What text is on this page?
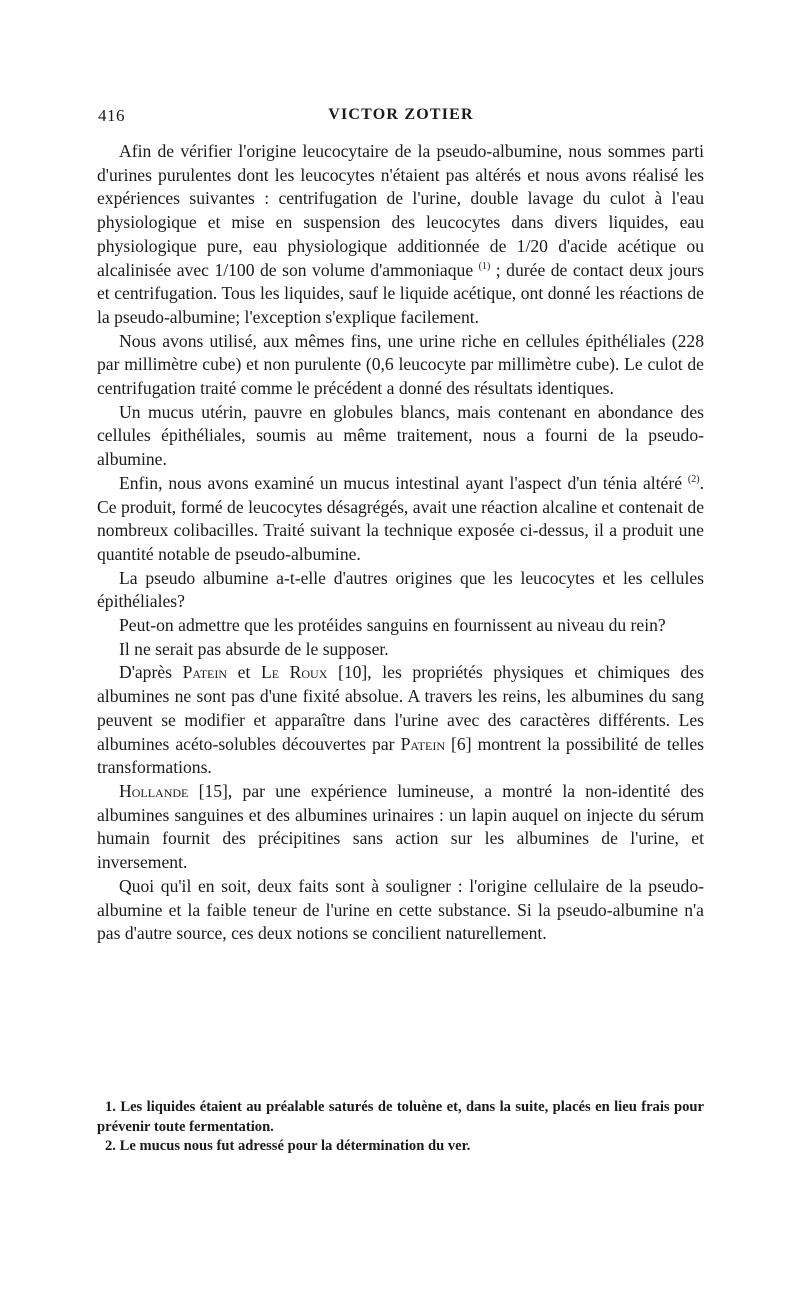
416	VICTOR ZOTIER

Afin de vérifier l'origine leucocytaire de la pseudo-albumine, nous sommes parti d'urines purulentes dont les leucocytes n'étaient pas altérés et nous avons réalisé les expériences suivantes : centrifugation de l'urine, double lavage du culot à l'eau physiologique et mise en suspension des leucocytes dans divers liquides, eau physiologique pure, eau physiologique additionnée de 1/20 d'acide acétique ou alcalinisée avec 1/100 de son volume d'ammoniaque $^{(1)}$ ; durée de contact deux jours et centrifugation. Tous les liquides, sauf le liquide acétique, ont donné les réactions de la pseudo-albumine; l'exception s'explique facilement.

Nous avons utilisé, aux mêmes fins, une urine riche en cellules épithéliales (228 par millimètre cube) et non purulente (0,6 leucocyte par millimètre cube). Le culot de centrifugation traité comme le précédent a donné des résultats identiques.

Un mucus utérin, pauvre en globules blancs, mais contenant en abondance des cellules épithéliales, soumis au même traitement, nous a fourni de la pseudo-albumine.

Enfin, nous avons examiné un mucus intestinal ayant l'aspect d'un ténia altéré $^{(2)}$. Ce produit, formé de leucocytes désagrégés, avait une réaction alcaline et contenait de nombreux colibacilles. Traité suivant la technique exposée ci-dessus, il a produit une quantité notable de pseudo-albumine.

La pseudo albumine a-t-elle d'autres origines que les leucocytes et les cellules épithéliales?

Peut-on admettre que les protéides sanguins en fournissent au niveau du rein?

Il ne serait pas absurde de le supposer.

D'après Patein et Le Roux [10], les propriétés physiques et chimiques des albumines ne sont pas d'une fixité absolue. A travers les reins, les albumines du sang peuvent se modifier et apparaître dans l'urine avec des caractères différents. Les albumines acéto-solubles découvertes par Patein [6] montrent la possibilité de telles transformations.

Hollande [15], par une expérience lumineuse, a montré la non-identité des albumines sanguines et des albumines urinaires : un lapin auquel on injecte du sérum humain fournit des précipitines sans action sur les albumines de l'urine, et inversement.

Quoi qu'il en soit, deux faits sont à souligner : l'origine cellulaire de la pseudo-albumine et la faible teneur de l'urine en cette substance. Si la pseudo-albumine n'a pas d'autre source, ces deux notions se concilient naturellement.

1. Les liquides étaient au préalable saturés de toluène et, dans la suite, placés en lieu frais pour prévenir toute fermentation.

2. Le mucus nous fut adressé pour la détermination du ver.
